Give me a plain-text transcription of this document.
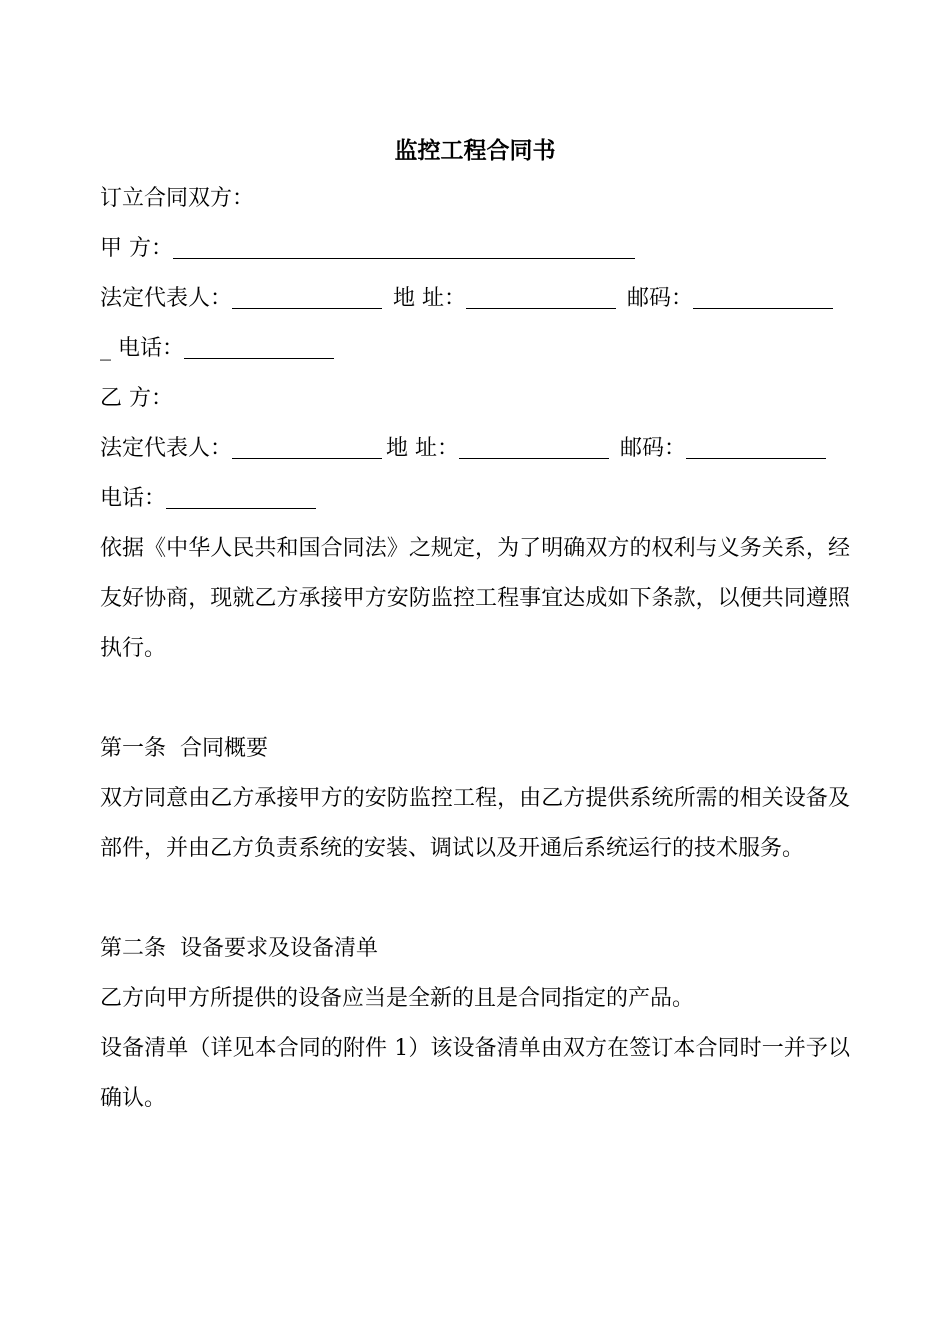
监控工程合同书

订立合同双方：

甲 方：

法定代表人：	地 址：	邮码：

_ 电话：

乙 方：

法定代表人：	地 址：	邮码：

电话：

依据《中华人民共和国合同法》之规定，为了明确双方的权利与义务关系，经友好协商，现就乙方承接甲方安防监控工程事宜达成如下条款，以便共同遵照执行。

第一条  合同概要

双方同意由乙方承接甲方的安防监控工程，由乙方提供系统所需的相关设备及部件，并由乙方负责系统的安装、调试以及开通后系统运行的技术服务。

第二条  设备要求及设备清单

乙方向甲方所提供的设备应当是全新的且是合同指定的产品。

设备清单（详见本合同的附件 1）该设备清单由双方在签订本合同时一并予以确认。
